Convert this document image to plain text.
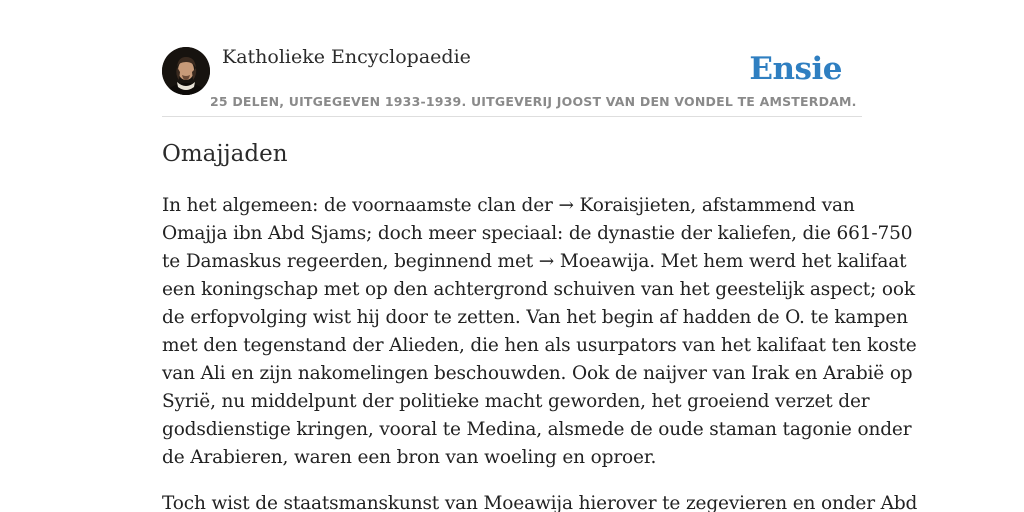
Katholieke Encyclopaedie	Ensie
25 DELEN, UITGEGEVEN 1933-1939. UITGEVERIJ JOOST VAN DEN VONDEL TE AMSTERDAM.
Omajjaden

In het algemeen: de voornaamste clan der → Koraisjieten, afstammend van
Omajja ibn Abd Sjams; doch meer speciaal: de dynastie der kaliefen, die 661-750
te Damaskus regeerden, beginnend met → Moeawija. Met hem werd het kalifaat
een koningschap met op den achtergrond schuiven van het geestelijk aspect; ook
de erfopvolging wist hij door te zetten. Van het begin af hadden de O. te kampen
met den tegenstand der Alieden, die hen als usurpators van het kalifaat ten koste
van Ali en zijn nakomelingen beschouwden. Ook de naijver van Irak en Arabië op
Syrië, nu middelpunt der politieke macht geworden, het groeiend verzet der
godsdienstige kringen, vooral te Medina, alsmede de oude staman tagonie onder
de Arabieren, waren een bron van woeling en oproer.

Toch wist de staatsmanskunst van Moeawija hierover te zegevieren en onder Abd
